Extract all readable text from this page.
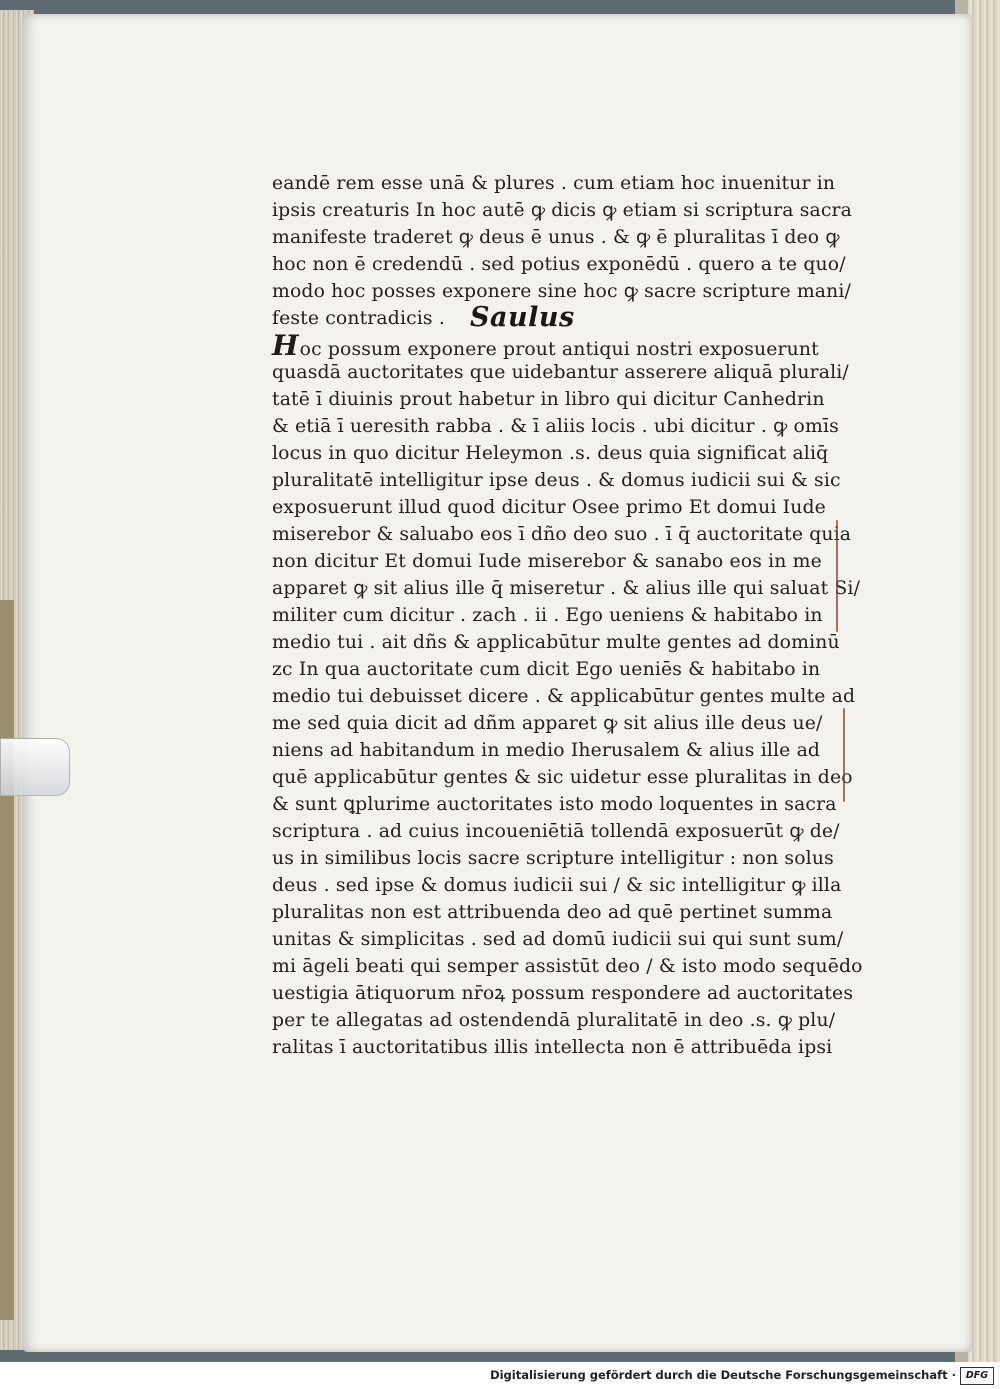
eandē rem esse unā & plures . cum etiam hoc inuenitur in
ipsis creaturis In hoc autē ꝙ dicis ꝙ etiam si scriptura sacra
manifeste traderet ꝙ deus ē unus . & ꝙ ē pluralitas ī deo ꝙ
hoc non ē credendū . sed potius exponēdū . quero a te quo/
modo hoc posses exponere sine hoc ꝙ sacre scripture mani/
feste contradicis .
Hoc possum exponere prout antiqui nostri exposuerunt
quasdā auctoritates que uidebantur asserere aliquā plurali/
tatē ī diuinis prout habetur in libro qui dicitur Canhedrin
& etiā ī ueresith rabba . & ī aliis locis . ubi dicitur . ꝙ omīs
locus in quo dicitur Heleymon .s. deus quia significat aliq̄
pluralitatē intelligitur ipse deus . & domus iudicii sui & sic
exposuerunt illud quod dicitur Osee primo Et domui Iude
miserebor & saluabo eos ī dño deo suo . ī q̄ auctoritate quia
non dicitur Et domui Iude miserebor & sanabo eos in me
apparet ꝙ sit alius ille q̄ miseretur . & alius ille qui saluat Si/
militer cum dicitur . zach . ii . Ego ueniens & habitabo in
medio tui . ait dñs & applicabūtur multe gentes ad dominū
zc In qua auctoritate cum dicit Ego ueniēs & habitabo in
medio tui debuisset dicere . & applicabūtur gentes multe ad
me sed quia dicit ad dñm apparet ꝙ sit alius ille deus ue/
niens ad habitandum in medio Iherusalem & alius ille ad
quē applicabūtur gentes & sic uidetur esse pluralitas in deo
& sunt ꝗplurime auctoritates isto modo loquentes in sacra
scriptura . ad cuius incoueniētiā tollendā exposuerūt ꝙ de/
us in similibus locis sacre scripture intelligitur : non solus
deus . sed ipse & domus iudicii sui / & sic intelligitur ꝙ illa
pluralitas non est attribuenda deo ad quē pertinet summa
unitas & simplicitas . sed ad domū iudicii sui qui sunt sum/
mi āgeli beati qui semper assistūt deo / & isto modo sequēdo
uestigia ātiquorum nr̄oꝝ possum respondere ad auctoritates
per te allegatas ad ostendendā pluralitatē in deo .s. ꝙ plu/
ralitas ī auctoritatibus illis intellecta non ē attribuēda ipsi
Saulus
Digitalisierung gefördert durch die Deutsche Forschungsgemeinschaft ·	DFG
